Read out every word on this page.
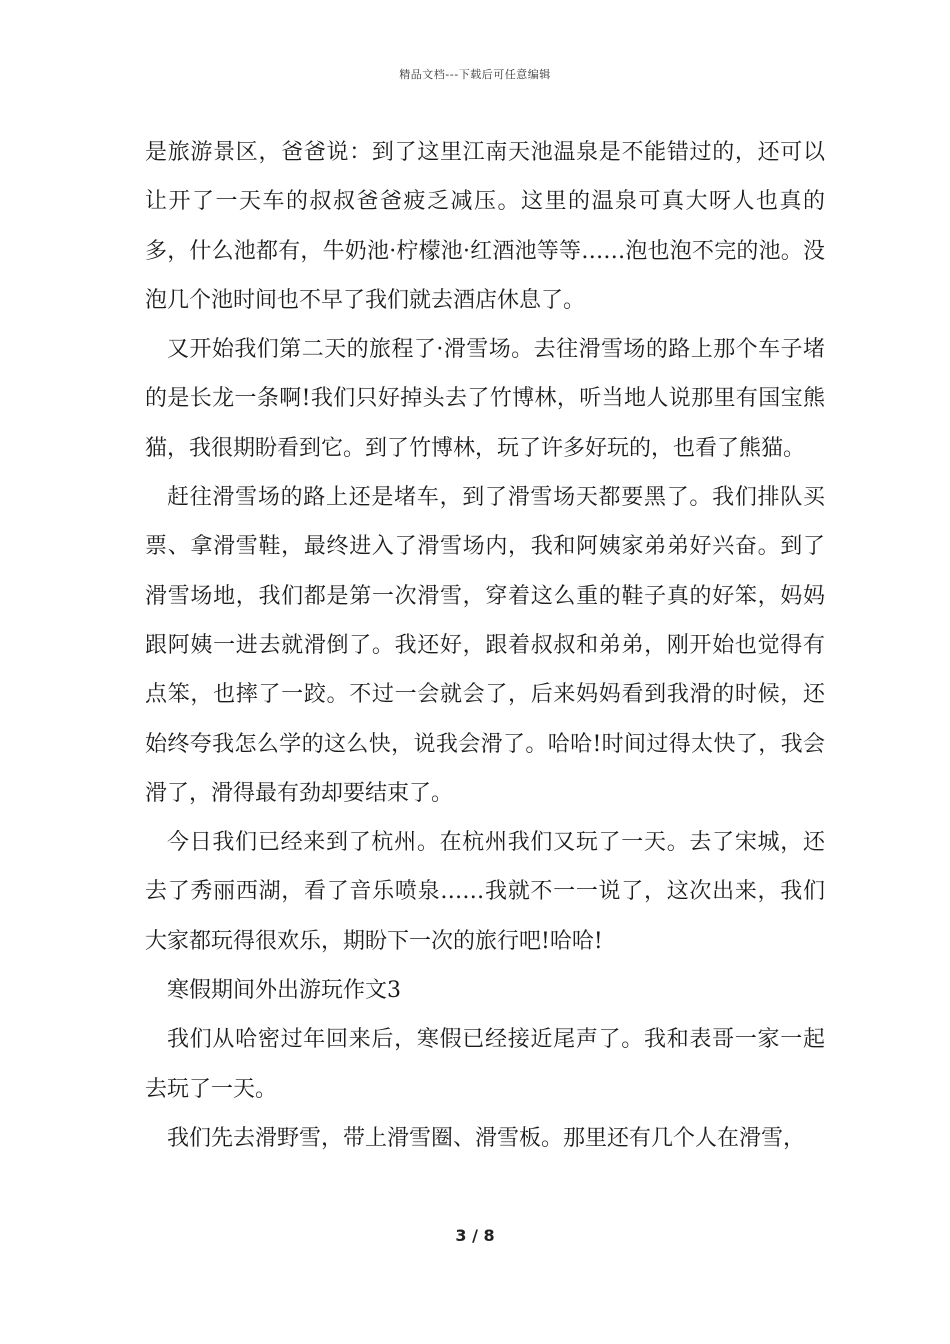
精品文档---下载后可任意编辑

是旅游景区，爸爸说：到了这里江南天池温泉是不能错过的，还可以让开了一天车的叔叔爸爸疲乏减压。这里的温泉可真大呀人也真的多，什么池都有，牛奶池·柠檬池·红酒池等等……泡也泡不完的池。没泡几个池时间也不早了我们就去酒店休息了。

又开始我们第二天的旅程了·滑雪场。去往滑雪场的路上那个车子堵的是长龙一条啊!我们只好掉头去了竹博林，听当地人说那里有国宝熊猫，我很期盼看到它。到了竹博林，玩了许多好玩的，也看了熊猫。

赶往滑雪场的路上还是堵车，到了滑雪场天都要黑了。我们排队买票、拿滑雪鞋，最终进入了滑雪场内，我和阿姨家弟弟好兴奋。到了滑雪场地，我们都是第一次滑雪，穿着这么重的鞋子真的好笨，妈妈跟阿姨一进去就滑倒了。我还好，跟着叔叔和弟弟，刚开始也觉得有点笨，也摔了一跤。不过一会就会了，后来妈妈看到我滑的时候，还始终夸我怎么学的这么快，说我会滑了。哈哈!时间过得太快了，我会滑了，滑得最有劲却要结束了。

今日我们已经来到了杭州。在杭州我们又玩了一天。去了宋城，还去了秀丽西湖，看了音乐喷泉……我就不一一说了，这次出来，我们大家都玩得很欢乐，期盼下一次的旅行吧!哈哈!

寒假期间外出游玩作文3

我们从哈密过年回来后，寒假已经接近尾声了。我和表哥一家一起去玩了一天。

我们先去滑野雪，带上滑雪圈、滑雪板。那里还有几个人在滑雪，

3 / 8
